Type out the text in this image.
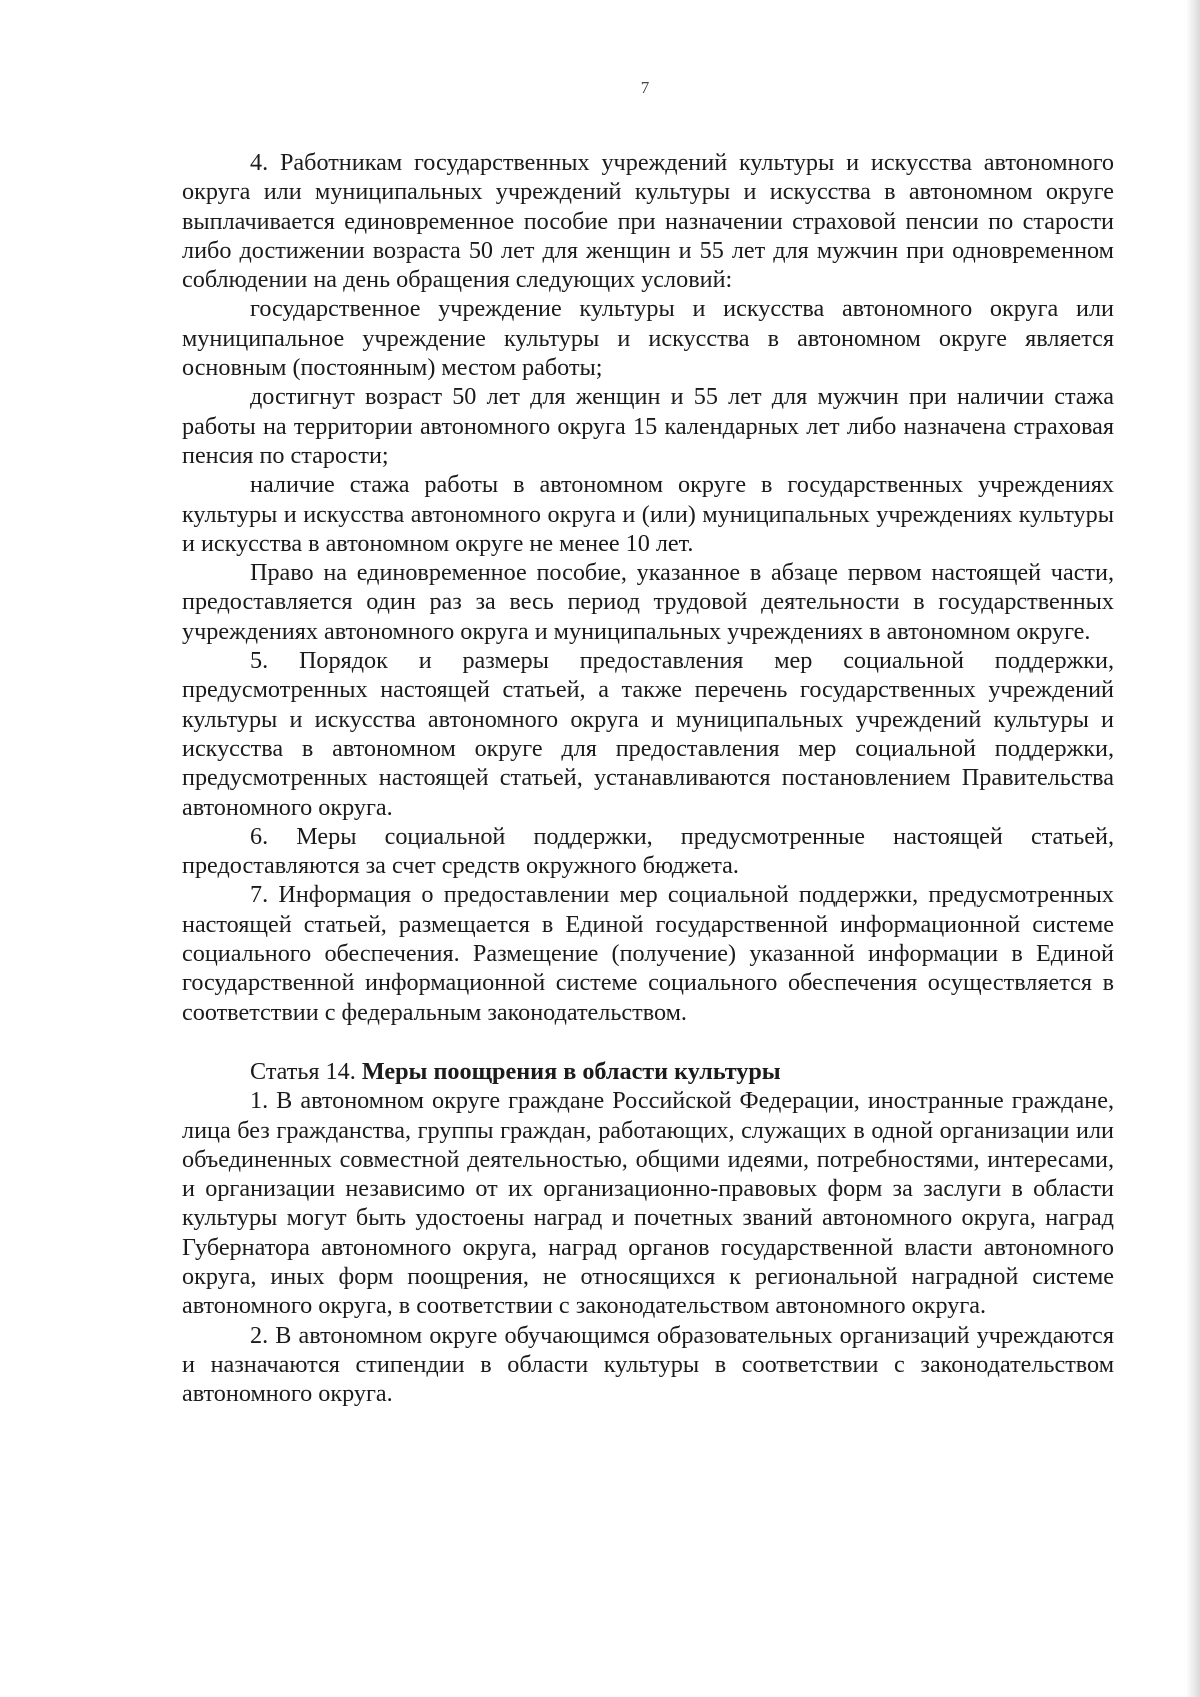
7

4. Работникам государственных учреждений культуры и искусства автономного округа или муниципальных учреждений культуры и искусства в автономном округе выплачивается единовременное пособие при назначении страховой пенсии по старости либо достижении возраста 50 лет для женщин и 55 лет для мужчин при одновременном соблюдении на день обращения следующих условий:

государственное учреждение культуры и искусства автономного округа или муниципальное учреждение культуры и искусства в автономном округе является основным (постоянным) местом работы;

достигнут возраст 50 лет для женщин и 55 лет для мужчин при наличии стажа работы на территории автономного округа 15 календарных лет либо назначена страховая пенсия по старости;

наличие стажа работы в автономном округе в государственных учреждениях культуры и искусства автономного округа и (или) муниципальных учреждениях культуры и искусства в автономном округе не менее 10 лет.

Право на единовременное пособие, указанное в абзаце первом настоящей части, предоставляется один раз за весь период трудовой деятельности в государственных учреждениях автономного округа и муниципальных учреждениях в автономном округе.

5. Порядок и размеры предоставления мер социальной поддержки, предусмотренных настоящей статьей, а также перечень государственных учреждений культуры и искусства автономного округа и муниципальных учреждений культуры и искусства в автономном округе для предоставления мер социальной поддержки, предусмотренных настоящей статьей, устанавливаются постановлением Правительства автономного округа.

6. Меры социальной поддержки, предусмотренные настоящей статьей, предоставляются за счет средств окружного бюджета.

7. Информация о предоставлении мер социальной поддержки, предусмотренных настоящей статьей, размещается в Единой государственной информационной системе социального обеспечения. Размещение (получение) указанной информации в Единой государственной информационной системе социального обеспечения осуществляется в соответствии с федеральным законодательством.

Статья 14. Меры поощрения в области культуры

1. В автономном округе граждане Российской Федерации, иностранные граждане, лица без гражданства, группы граждан, работающих, служащих в одной организации или объединенных совместной деятельностью, общими идеями, потребностями, интересами, и организации независимо от их организационно-правовых форм за заслуги в области культуры могут быть удостоены наград и почетных званий автономного округа, наград Губернатора автономного округа, наград органов государственной власти автономного округа, иных форм поощрения, не относящихся к региональной наградной системе автономного округа, в соответствии с законодательством автономного округа.

2. В автономном округе обучающимся образовательных организаций учреждаются и назначаются стипендии в области культуры в соответствии с законодательством автономного округа.
